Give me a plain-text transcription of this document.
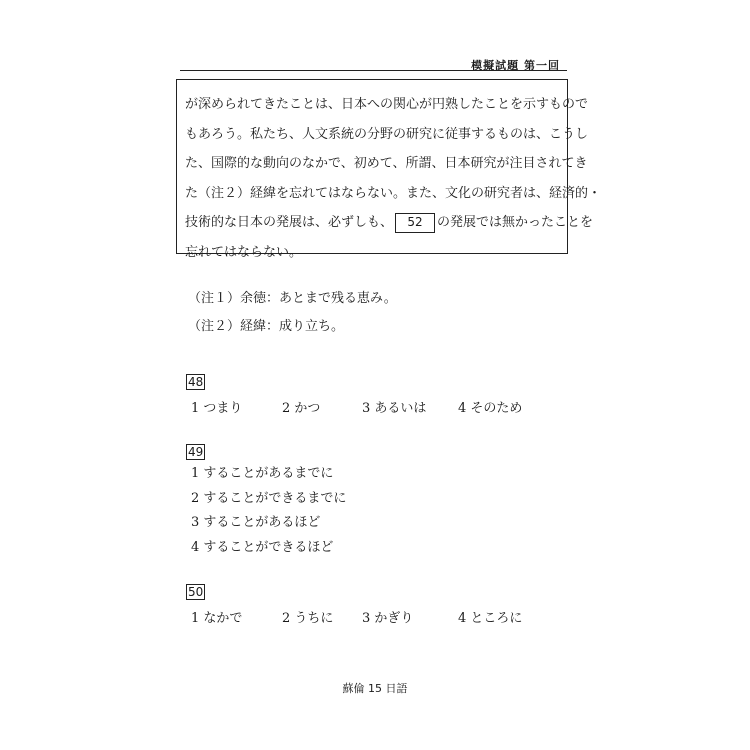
模擬試題 第一回
が深められてきたことは、日本への関心が円熟したことを示すもので
もあろう。私たち、人文系統の分野の研究に従事するものは、こうし
た、国際的な動向のなかで、初めて、所謂、日本研究が注目されてき
た（注２）経緯を忘れてはならない。また、文化の研究者は、経済的・
技術的な日本の発展は、必ずしも、 52 の発展では無かったことを
忘れてはならない。
（注１）余徳：あとまで残る恵み。
（注２）経緯：成り立ち。
48
1 つまり	2 かつ	3 あるいは 4 そのため
49
1 することがあるまでに
2 することができるまでに
3 することがあるほど
4 することができるほど
50
1 なかで	2 うちに 3 かぎり	4 ところに
蘇倫 15 日語
